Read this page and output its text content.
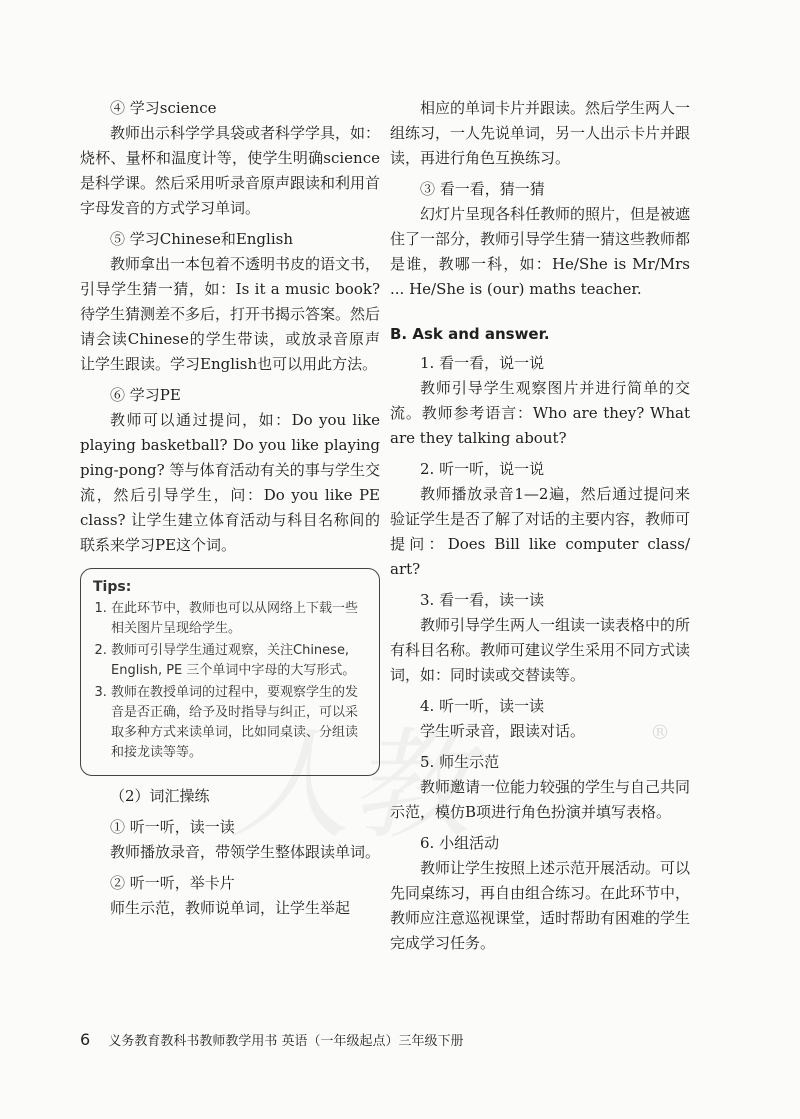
®

④ 学习science

教师出示科学学具袋或者科学学具，如：烧杯、量杯和温度计等，使学生明确science是科学课。然后采用听录音原声跟读和利用首字母发音的方式学习单词。

⑤ 学习Chinese和English

教师拿出一本包着不透明书皮的语文书，引导学生猜一猜，如：Is it a music book? 待学生猜测差不多后，打开书揭示答案。然后请会读Chinese的学生带读，或放录音原声让学生跟读。学习English也可以用此方法。

⑥ 学习PE

教师可以通过提问，如：Do you like playing basketball? Do you like playing ping-pong? 等与体育活动有关的事与学生交流，然后引导学生，问：Do you like PE class? 让学生建立体育活动与科目名称间的联系来学习PE这个词。

Tips:
1. 在此环节中，教师也可以从网络上下载一些相关图片呈现给学生。
2. 教师可引导学生通过观察，关注Chinese, English, PE 三个单词中字母的大写形式。
3. 教师在教授单词的过程中，要观察学生的发音是否正确，给予及时指导与纠正，可以采取多种方式来读单词，比如同桌读、分组读和接龙读等等。

（2）词汇操练

① 听一听，读一读

教师播放录音，带领学生整体跟读单词。

② 听一听，举卡片

师生示范，教师说单词，让学生举起

相应的单词卡片并跟读。然后学生两人一组练习，一人先说单词，另一人出示卡片并跟读，再进行角色互换练习。

③ 看一看，猜一猜

幻灯片呈现各科任教师的照片，但是被遮住了一部分，教师引导学生猜一猜这些教师都是谁，教哪一科，如：He/She is Mr/Mrs ... He/She is (our) maths teacher.

B. Ask and answer.

1. 看一看，说一说

教师引导学生观察图片并进行简单的交流。教师参考语言：Who are they? What are they talking about?

2. 听一听，说一说

教师播放录音1—2遍，然后通过提问来验证学生是否了解了对话的主要内容，教师可提问：Does Bill like computer class/ art?

3. 看一看，读一读

教师引导学生两人一组读一读表格中的所有科目名称。教师可建议学生采用不同方式读词，如：同时读或交替读等。

4. 听一听，读一读

学生听录音，跟读对话。

5. 师生示范

教师邀请一位能力较强的学生与自己共同示范，模仿B项进行角色扮演并填写表格。

6. 小组活动

教师让学生按照上述示范开展活动。可以先同桌练习，再自由组合练习。在此环节中，教师应注意巡视课堂，适时帮助有困难的学生完成学习任务。

6 义务教育教科书教师教学用书 英语（一年级起点）三年级下册
